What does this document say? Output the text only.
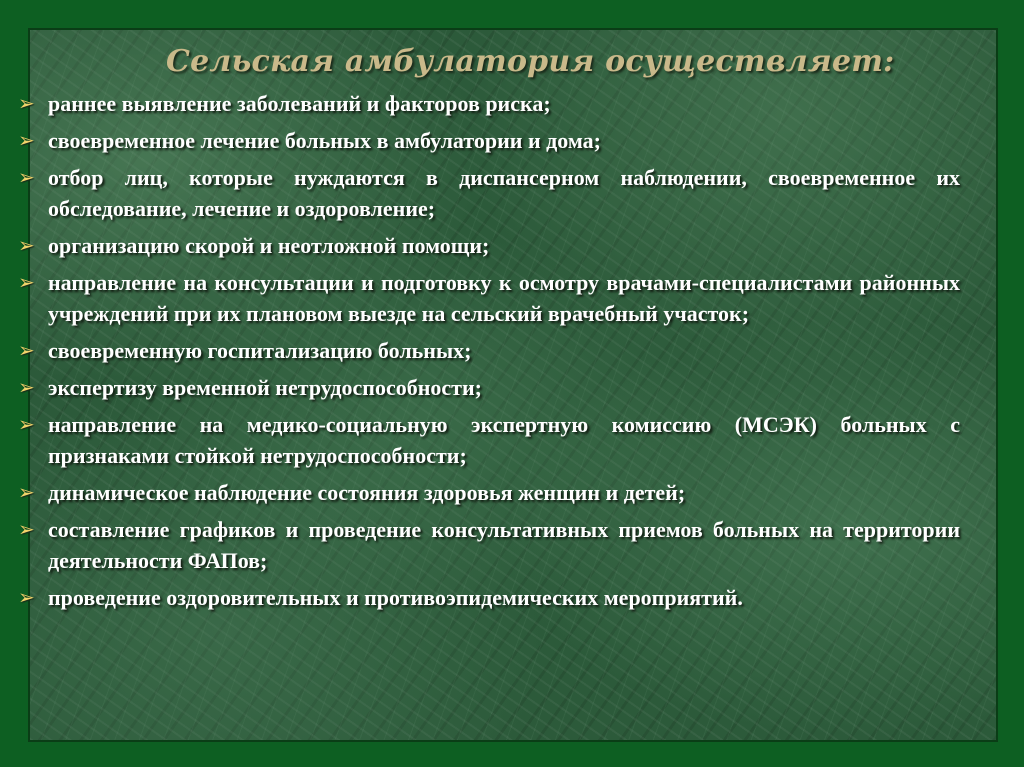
Сельская амбулатория осуществляет:
➢ раннее выявление заболеваний и факторов риска;
➢ своевременное лечение больных в амбулатории и дома;
➢ отбор лиц, которые нуждаются в диспансерном наблюдении, своевременное их обследование, лечение и оздоровление;
➢ организацию скорой и неотложной помощи;
➢ направление на консультации и подготовку к осмотру врачами-специалистами районных учреждений при их плановом выезде на сельский врачебный участок;
➢ своевременную госпитализацию больных;
➢ экспертизу временной нетрудоспособности;
➢ направление на медико-социальную экспертную комиссию (МСЭК) больных с признаками стойкой нетрудоспособности;
➢ динамическое наблюдение состояния здоровья женщин и детей;
➢ составление графиков и проведение консультативных приемов больных на территории деятельности ФАПов;
➢ проведение оздоровительных и противоэпидемических мероприятий.
